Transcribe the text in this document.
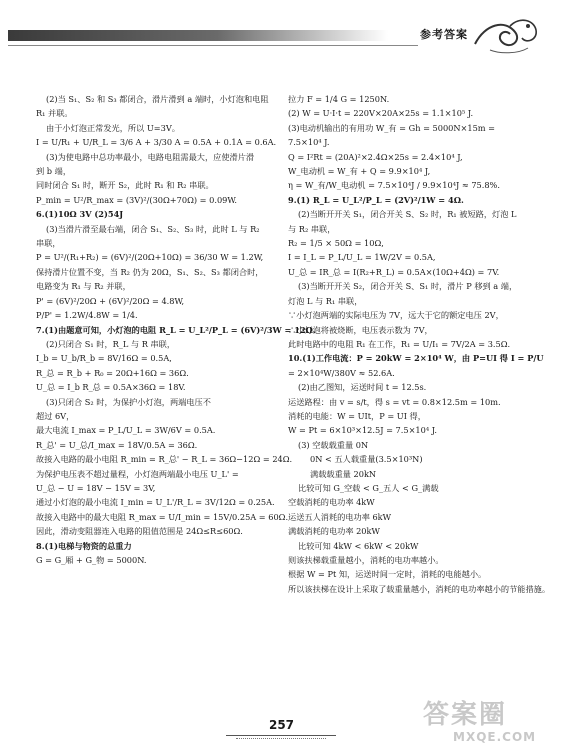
参考答案

(2)当 S₁、S₂ 和 S₃ 都闭合，滑片滑到 a 端时，小灯泡和电阻

R₁ 并联。

由于小灯泡正常发光，所以 U=3V。

I = U/R₁ + U/R_L = 3/6 A + 3/30 A = 0.5A + 0.1A = 0.6A.

(3)为使电路中总功率最小，电路电阻需最大，应使滑片滑

到 b 端，

同时闭合 S₁ 时，断开 S₂，此时 R₁ 和 R₂ 串联。

P_min = U²/R_max = (3V)²/(30Ω+70Ω) = 0.09W.

6.(1)10Ω 3V (2)54J

(3)当滑片滑至最右端，闭合 S₁、S₂、S₃ 时，此时 L 与 R₂

串联，

P = U²/(R₁+R₂) = (6V)²/(20Ω+10Ω) = 36/30 W = 1.2W,

保持滑片位置不变，当 R₂ 仍为 20Ω，S₁、S₂、S₃ 都闭合时，

电路变为 R₁ 与 R₂ 并联，

P' = (6V)²/20Ω + (6V)²/20Ω = 4.8W,

P/P' = 1.2W/4.8W = 1/4.

7.(1)由题意可知，小灯泡的电阻 R_L = U_L²/P_L = (6V)²/3W = 12Ω.

(2)只闭合 S₁ 时，R_L 与 R 串联，

I_b = U_b/R_b = 8V/16Ω = 0.5A,

R_总 = R_b + R₀ = 20Ω+16Ω = 36Ω.

U_总 = I_b R_总 = 0.5A×36Ω = 18V.

(3)只闭合 S₂ 时，为保护小灯泡，两端电压不

超过 6V，

最大电流 I_max = P_L/U_L = 3W/6V = 0.5A.

R_总' = U_总/I_max = 18V/0.5A = 36Ω.

故接入电路的最小电阻 R_min = R_总' − R_L = 36Ω−12Ω = 24Ω.

为保护电压表不超过量程，小灯泡两端最小电压 U_L' =

U_总 − U = 18V − 15V = 3V,

通过小灯泡的最小电流 I_min = U_L'/R_L = 3V/12Ω = 0.25A.

故接入电路中的最大电阻 R_max = U/I_min = 15V/0.25A = 60Ω.

因此，滑动变阻器连入电路的阻值范围是 24Ω≤R≤60Ω.

8.(1)电梯与物资的总重力

G = G_厢 + G_物 = 5000N.

拉力 F = 1/4 G = 1250N.

(2) W = U·I·t = 220V×20A×25s = 1.1×10⁵ J.

(3)电动机输出的有用功 W_有 = Gh = 5000N×15m =

7.5×10⁴ J.

Q = I²Rt = (20A)²×2.4Ω×25s = 2.4×10⁴ J,

W_电动机 = W_有 + Q = 9.9×10⁴ J,

η = W_有/W_电动机 = 7.5×10⁴J / 9.9×10⁴J ≈ 75.8%.

9.(1) R_L = U_L²/P_L = (2V)²/1W = 4Ω.

(2)当断开开关 S₁，闭合开关 S、S₂ 时，R₁ 被短路，灯泡 L

与 R₂ 串联，

R₂ = 1/5 × 50Ω = 10Ω,

I = I_L = P_L/U_L = 1W/2V = 0.5A,

U_总 = IR_总 = I(R₂+R_L) = 0.5A×(10Ω+4Ω) = 7V.

(3)当断开开关 S₂，闭合开关 S、S₁ 时，滑片 P 移到 a 端，

灯泡 L 与 R₁ 串联，

∵小灯泡两端的实际电压为 7V，远大于它的额定电压 2V，

∴小灯泡将被烧断，电压表示数为 7V，

此时电路中的电阻 R₁ 在工作，R₁ = U/I₁ = 7V/2A = 3.5Ω.

10.(1)工作电流：P = 20kW = 2×10⁴ W，由 P=UI 得 I = P/U

= 2×10⁴W/380V ≈ 52.6A.

(2)由乙图知，运送时间 t = 12.5s.

运送路程：由 v = s/t，得 s = vt = 0.8×12.5m = 10m.

消耗的电能：W = UIt，P = UI 得，

W = Pt = 6×10³×12.5J = 7.5×10⁴ J.

(3) 空载载重量 0N

0N < 五人载重量(3.5×10³N)

满载载重量 20kN

比较可知 G_空载 < G_五人 < G_满载

空载消耗的电功率 4kW

运送五人消耗的电功率 6kW

满载消耗的电功率 20kW

比较可知 4kW < 6kW < 20kW

则该扶梯载重量越小，消耗的电功率越小。

根据 W = Pt 知，运送时间一定时，消耗的电能越小。

所以该扶梯在设计上采取了载重量越小，消耗的电功率越小的节能措施。

257	答案圈
MXQE.COM
